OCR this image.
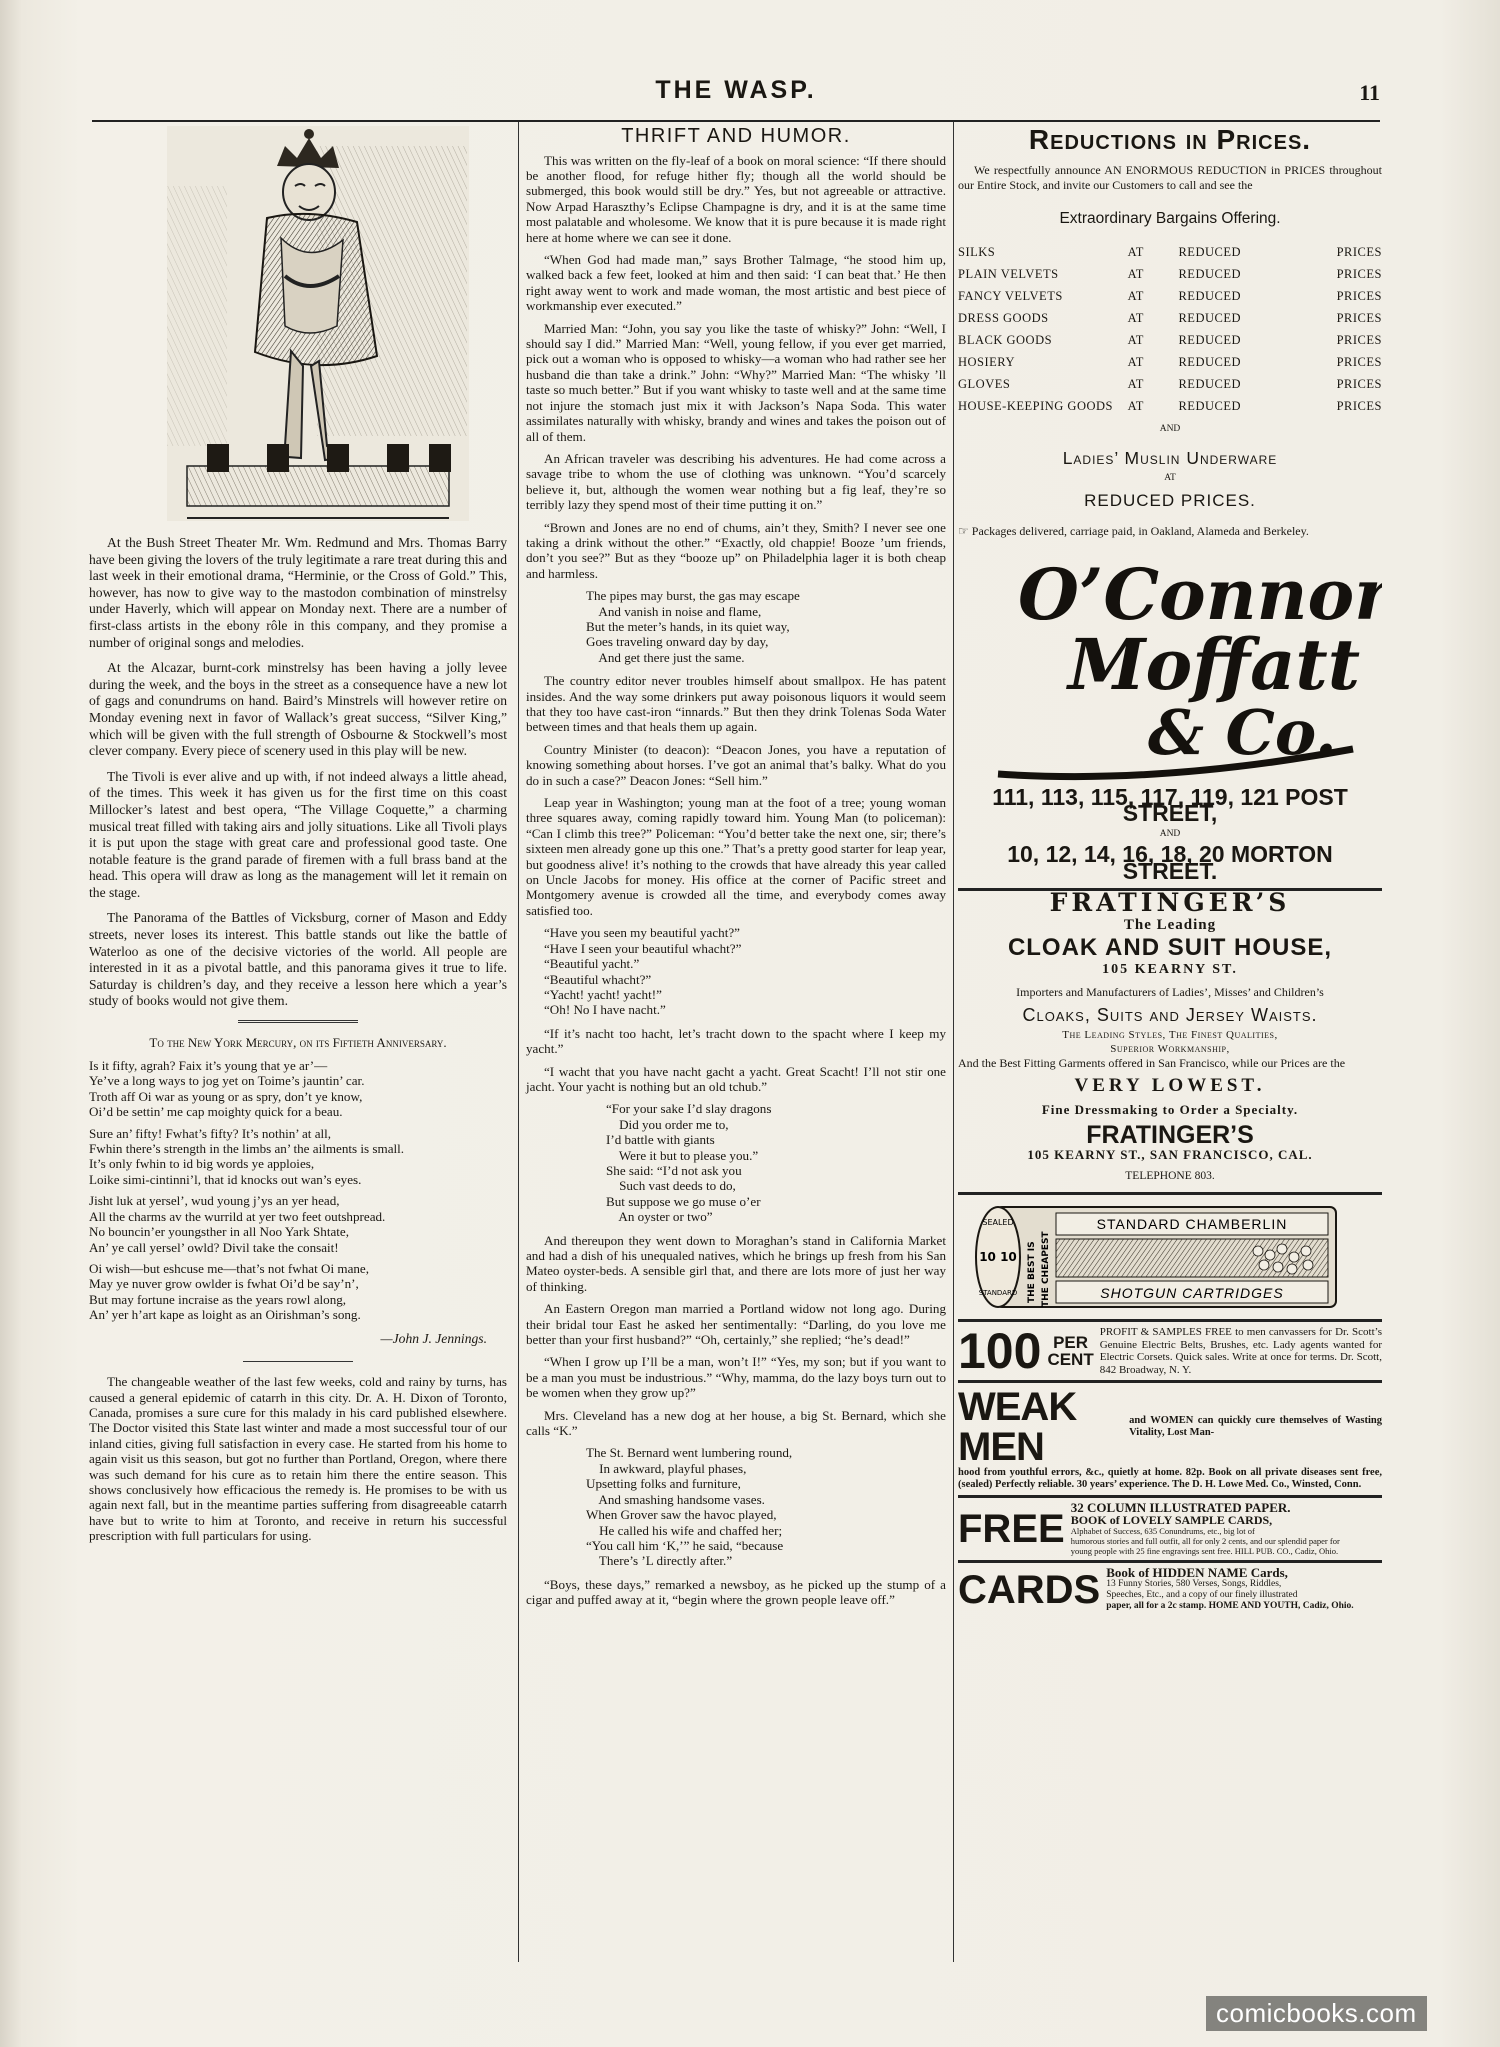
THE WASP.	11

At the Bush Street Theater Mr. Wm. Redmund and Mrs. Thomas Barry have been giving the lovers of the truly legitimate a rare treat during this and last week in their emotional drama, “Herminie, or the Cross of Gold.” This, however, has now to give way to the mastodon combination of minstrelsy under Haverly, which will appear on Monday next. There are a number of first-class artists in the ebony rôle in this company, and they promise a number of original songs and melodies.

At the Alcazar, burnt-cork minstrelsy has been having a jolly levee during the week, and the boys in the street as a consequence have a new lot of gags and conundrums on hand. Baird’s Minstrels will however retire on Monday evening next in favor of Wallack’s great success, “Silver King,” which will be given with the full strength of Osbourne & Stockwell’s most clever company. Every piece of scenery used in this play will be new.

The Tivoli is ever alive and up with, if not indeed always a little ahead, of the times. This week it has given us for the first time on this coast Millocker’s latest and best opera, “The Village Coquette,” a charming musical treat filled with taking airs and jolly situations. Like all Tivoli plays it is put upon the stage with great care and professional good taste. One notable feature is the grand parade of firemen with a full brass band at the head. This opera will draw as long as the management will let it remain on the stage.

The Panorama of the Battles of Vicksburg, corner of Mason and Eddy streets, never loses its interest. This battle stands out like the battle of Waterloo as one of the decisive victories of the world. All people are interested in it as a pivotal battle, and this panorama gives it true to life. Saturday is children’s day, and they receive a lesson here which a year’s study of books would not give them.

To the New York Mercury, on its Fiftieth Anniversary.
Is it fifty, agrah? Faix it’s young that ye ar’—
Ye’ve a long ways to jog yet on Toime’s jauntin’ car.
Troth aff Oi war as young or as spry, don’t ye know,
Oi’d be settin’ me cap moighty quick for a beau.

Sure an’ fifty! Fwhat’s fifty? It’s nothin’ at all,
Fwhin there’s strength in the limbs an’ the ailments is small.
It’s only fwhin to id big words ye apploies,
Loike simi-cintinni’l, that id knocks out wan’s eyes.

Jisht luk at yersel’, wud young j’ys an yer head,
All the charms av the wurrild at yer two feet outshpread.
No bouncin’er youngsther in all Noo Yark Shtate,
An’ ye call yersel’ owld? Divil take the consait!

Oi wish—but eshcuse me—that’s not fwhat Oi mane,
May ye nuver grow owlder is fwhat Oi’d be say’n’,
But may fortune incraise as the years rowl along,
An’ yer h’art kape as loight as an Oirishman’s song.
—John J. Jennings.

The changeable weather of the last few weeks, cold and rainy by turns, has caused a general epidemic of catarrh in this city. Dr. A. H. Dixon of Toronto, Canada, promises a sure cure for this malady in his card published elsewhere. The Doctor visited this State last winter and made a most successful tour of our inland cities, giving full satisfaction in every case. He started from his home to again visit us this season, but got no further than Portland, Oregon, where there was such demand for his cure as to retain him there the entire season. This shows conclusively how efficacious the remedy is. He promises to be with us again next fall, but in the meantime parties suffering from disagreeable catarrh have but to write to him at Toronto, and receive in return his successful prescription with full particulars for using.

THRIFT AND HUMOR.

This was written on the fly-leaf of a book on moral science: “If there should be another flood, for refuge hither fly; though all the world should be submerged, this book would still be dry.” Yes, but not agreeable or attractive. Now Arpad Haraszthy’s Eclipse Champagne is dry, and it is at the same time most palatable and wholesome. We know that it is pure because it is made right here at home where we can see it done.

“When God had made man,” says Brother Talmage, “he stood him up, walked back a few feet, looked at him and then said: ‘I can beat that.’ He then right away went to work and made woman, the most artistic and best piece of workmanship ever executed.”

Married Man: “John, you say you like the taste of whisky?” John: “Well, I should say I did.” Married Man: “Well, young fellow, if you ever get married, pick out a woman who is opposed to whisky—a woman who had rather see her husband die than take a drink.” John: “Why?” Married Man: “The whisky ’ll taste so much better.” But if you want whisky to taste well and at the same time not injure the stomach just mix it with Jackson’s Napa Soda. This water assimilates naturally with whisky, brandy and wines and takes the poison out of all of them.

An African traveler was describing his adventures. He had come across a savage tribe to whom the use of clothing was unknown. “You’d scarcely believe it, but, although the women wear nothing but a fig leaf, they’re so terribly lazy they spend most of their time putting it on.”

“Brown and Jones are no end of chums, ain’t they, Smith? I never see one taking a drink without the other.” “Exactly, old chappie! Booze ’um friends, don’t you see?” But as they “booze up” on Philadelphia lager it is both cheap and harmless.

The pipes may burst, the gas may escape
And vanish in noise and flame,
But the meter’s hands, in its quiet way,
Goes traveling onward day by day,
And get there just the same.

The country editor never troubles himself about smallpox. He has patent insides. And the way some drinkers put away poisonous liquors it would seem that they too have cast-iron “innards.” But then they drink Tolenas Soda Water between times and that heals them up again.

Country Minister (to deacon): “Deacon Jones, you have a reputation of knowing something about horses. I’ve got an animal that’s balky. What do you do in such a case?” Deacon Jones: “Sell him.”

Leap year in Washington; young man at the foot of a tree; young woman three squares away, coming rapidly toward him. Young Man (to policeman): “Can I climb this tree?” Policeman: “You’d better take the next one, sir; there’s sixteen men already gone up this one.” That’s a pretty good starter for leap year, but goodness alive! it’s nothing to the crowds that have already this year called on Uncle Jacobs for money. His office at the corner of Pacific street and Montgomery avenue is crowded all the time, and everybody comes away satisfied too.

“Have you seen my beautiful yacht?”
“Have I seen your beautiful whacht?”
“Beautiful yacht.”
“Beautiful whacht?”
“Yacht! yacht! yacht!”
“Oh! No I have nacht.”

“If it’s nacht too hacht, let’s tracht down to the spacht where I keep my yacht.”

“I wacht that you have nacht gacht a yacht. Great Scacht! I’ll not stir one jacht. Your yacht is nothing but an old tchub.”

“For your sake I’d slay dragons
Did you order me to,
I’d battle with giants
Were it but to please you.”
She said: “I’d not ask you
Such vast deeds to do,
But suppose we go muse o’er
An oyster or two”

And thereupon they went down to Moraghan’s stand in California Market and had a dish of his unequaled natives, which he brings up fresh from his San Mateo oyster-beds. A sensible girl that, and there are lots more of just her way of thinking.

An Eastern Oregon man married a Portland widow not long ago. During their bridal tour East he asked her sentimentally: “Darling, do you love me better than your first husband?” “Oh, certainly,” she replied; “he’s dead!”

“When I grow up I’ll be a man, won’t I!” “Yes, my son; but if you want to be a man you must be industrious.” “Why, mamma, do the lazy boys turn out to be women when they grow up?”

Mrs. Cleveland has a new dog at her house, a big St. Bernard, which she calls “K.”

The St. Bernard went lumbering round,
In awkward, playful phases,
Upsetting folks and furniture,
And smashing handsome vases.
When Grover saw the havoc played,
He called his wife and chaffed her;
“You call him ‘K,’” he said, “because
There’s ’L directly after.”

“Boys, these days,” remarked a newsboy, as he picked up the stump of a cigar and puffed away at it, “begin where the grown people leave off.”

Reductions in Prices.
We respectfully announce AN ENORMOUS REDUCTION in PRICES throughout our Entire Stock, and invite our Customers to call and see the
Extraordinary Bargains Offering.
SILKS	AT	REDUCED	PRICES
PLAIN VELVETS	AT	REDUCED	PRICES
FANCY VELVETS	AT	REDUCED	PRICES
DRESS GOODS	AT	REDUCED	PRICES
BLACK GOODS	AT	REDUCED	PRICES
HOSIERY	AT	REDUCED	PRICES
GLOVES	AT	REDUCED	PRICES
HOUSE-KEEPING GOODS	AT	REDUCED	PRICES
AND
Ladies’ Muslin Underware
AT
REDUCED PRICES.
☞ Packages delivered, carriage paid, in Oakland, Alameda and Berkeley.
O’Connor,
Moffatt
& Co.
111, 113, 115, 117, 119, 121 POST STREET,
AND
10, 12, 14, 16, 18, 20 MORTON STREET.
FRATINGER’S
The Leading
CLOAK AND SUIT HOUSE,
105 KEARNY ST.
Importers and Manufacturers of Ladies’, Misses’ and Children’s
Cloaks, Suits and Jersey Waists.
The Leading Styles, The Finest Qualities,
Superior Workmanship,
And the Best Fitting Garments offered in San Francisco, while our Prices are the
VERY LOWEST.
Fine Dressmaking to Order a Specialty.
FRATINGER’S
105 KEARNY ST., SAN FRANCISCO, CAL.
TELEPHONE 803.
SEALED
10 10
STANDARD THE BEST IS THE CHEAPEST
STANDARD CHAMBERLIN
SHOTGUN CARTRIDGES
100 PER
CENT
PROFIT & SAMPLES FREE to men canvassers for Dr. Scott’s Genuine Electric Belts, Brushes, etc. Lady agents wanted for Electric Corsets. Quick sales. Write at once for terms. Dr. Scott, 842 Broadway, N. Y.
WEAK MEN
and WOMEN can quickly cure themselves of Wasting Vitality, Lost Man-
hood from youthful errors, &c., quietly at home. 82p. Book on all private diseases sent free, (sealed) Perfectly reliable. 30 years’ experience. The D. H. Lowe Med. Co., Winsted, Conn.
FREE 32 COLUMN ILLUSTRATED PAPER.
BOOK of LOVELY SAMPLE CARDS,
Alphabet of Success, 635 Conundrums, etc., big lot of
humorous stories and full outfit, all for only 2 cents, and our splendid paper for
young people with 25 fine engravings sent free. HILL PUB. CO., Cadiz, Ohio.
CARDS Book of HIDDEN NAME Cards,
13 Funny Stories, 580 Verses, Songs, Riddles,
Speeches, Etc., and a copy of our finely illustrated
paper, all for a 2c stamp. HOME AND YOUTH, Cadiz, Ohio.
comicbooks.com
